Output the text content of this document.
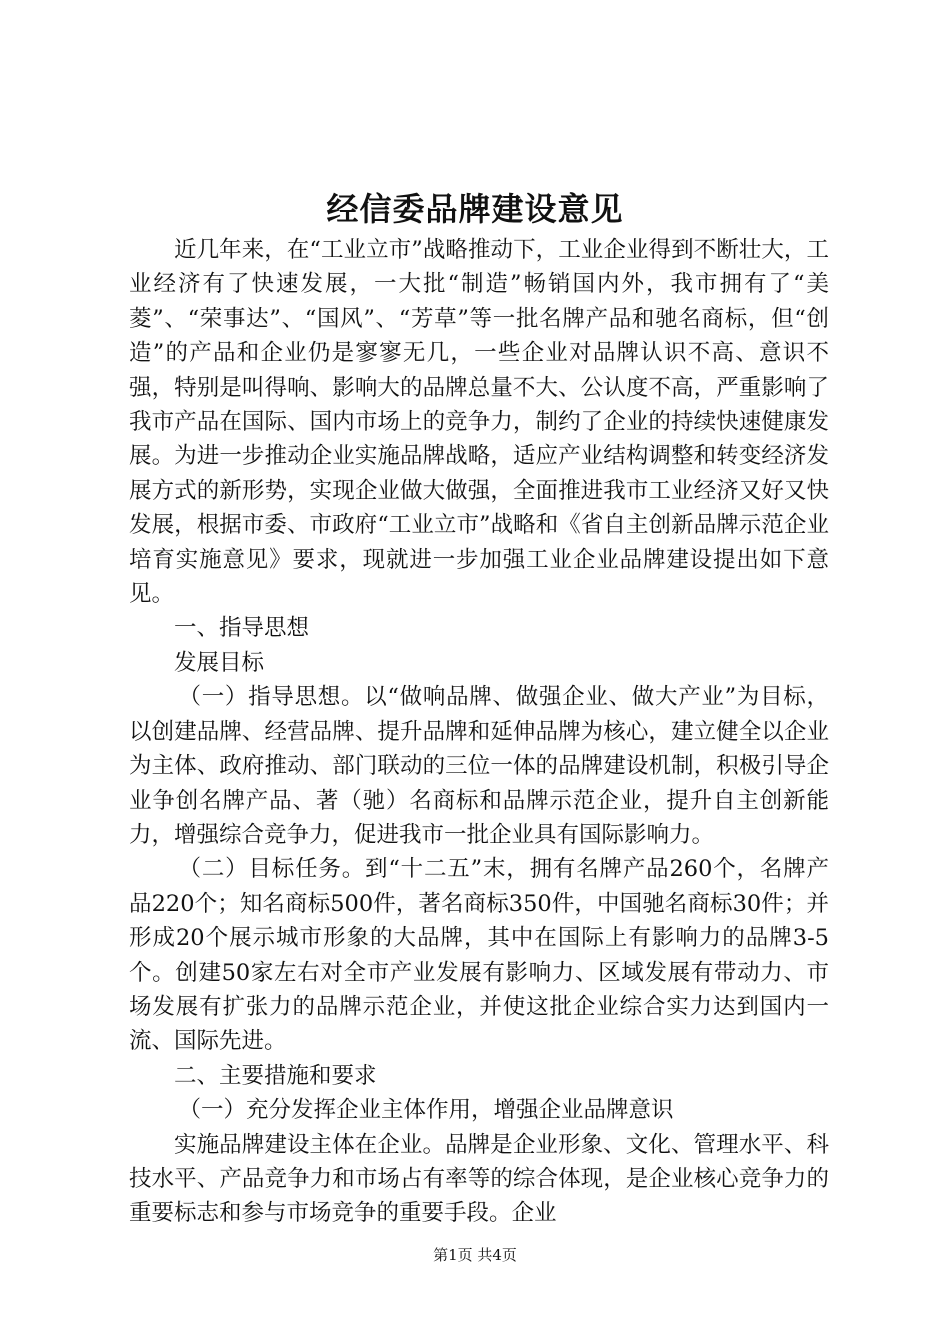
经信委品牌建设意见

近几年来，在“工业立市”战略推动下，工业企业得到不断壮大，工业经济有了快速发展，一大批“制造”畅销国内外，我市拥有了“美菱”、“荣事达”、“国风”、“芳草”等一批名牌产品和驰名商标，但“创造”的产品和企业仍是寥寥无几，一些企业对品牌认识不高、意识不强，特别是叫得响、影响大的品牌总量不大、公认度不高，严重影响了我市产品在国际、国内市场上的竞争力，制约了企业的持续快速健康发展。为进一步推动企业实施品牌战略，适应产业结构调整和转变经济发展方式的新形势，实现企业做大做强，全面推进我市工业经济又好又快发展，根据市委、市政府“工业立市”战略和《省自主创新品牌示范企业培育实施意见》要求，现就进一步加强工业企业品牌建设提出如下意见。

一、指导思想

发展目标

（一）指导思想。以“做响品牌、做强企业、做大产业”为目标，以创建品牌、经营品牌、提升品牌和延伸品牌为核心，建立健全以企业为主体、政府推动、部门联动的三位一体的品牌建设机制，积极引导企业争创名牌产品、著（驰）名商标和品牌示范企业，提升自主创新能力，增强综合竞争力，促进我市一批企业具有国际影响力。

（二）目标任务。到“十二五”末，拥有名牌产品260个，名牌产品220个；知名商标500件，著名商标350件，中国驰名商标30件；并形成20个展示城市形象的大品牌，其中在国际上有影响力的品牌3-5个。创建50家左右对全市产业发展有影响力、区域发展有带动力、市场发展有扩张力的品牌示范企业，并使这批企业综合实力达到国内一流、国际先进。

二、主要措施和要求

（一）充分发挥企业主体作用，增强企业品牌意识

实施品牌建设主体在企业。品牌是企业形象、文化、管理水平、科技水平、产品竞争力和市场占有率等的综合体现，是企业核心竞争力的重要标志和参与市场竞争的重要手段。企业

第1页 共4页
